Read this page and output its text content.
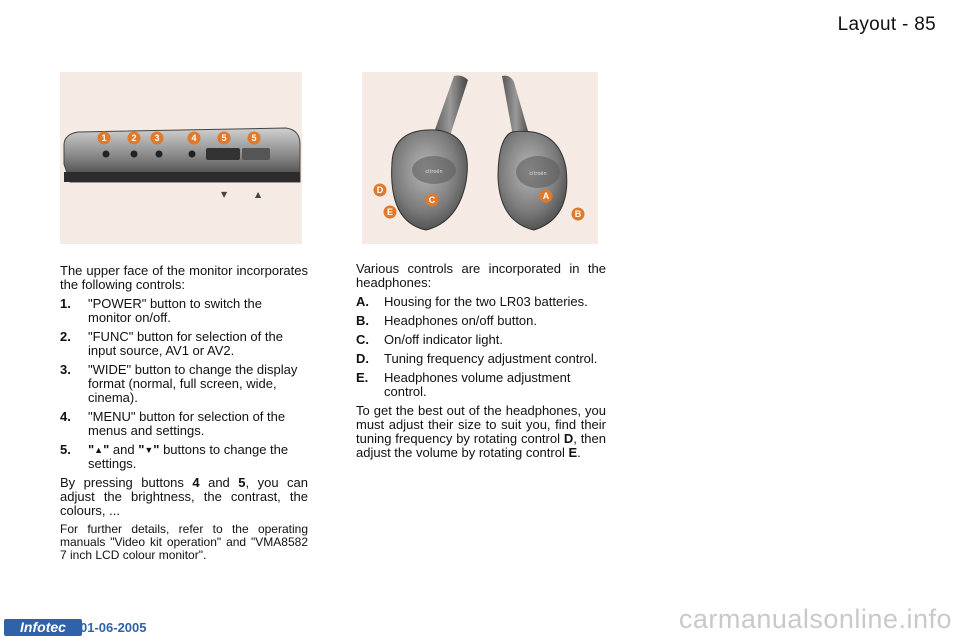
Layout - 85
▼	▲
1	2 3	4	5	5
citroën	citroën
D
C
E
A
B

The upper face of the monitor incorporates the following controls:

1.	"POWER" button to switch the monitor on/off.
2.	"FUNC" button for selection of the input source, AV1 or AV2.
3.	"WIDE" button to change the display format (normal, full screen, wide, cinema).
4.	"MENU" button for selection of the menus and settings.
5.	"▲" and "▼" buttons to change the settings.

By pressing buttons 4 and 5, you can adjust the brightness, the contrast, the colours, ...

For further details, refer to the operating manuals "Video kit operation" and "VMA8582 7 inch LCD colour monitor".

Various controls are incorporated in the headphones:

A.	Housing for the two LR03 batteries.
B.	Headphones on/off button.
C.	On/off indicator light.
D.	Tuning frequency adjustment control.
E.	Headphones volume adjustment control.

To get the best out of the headphones, you must adjust their size to suit you, find their tuning frequency by rotating control D, then adjust the volume by rotating control E.

Infotec	01-06-2005	carmanualsonline.info
